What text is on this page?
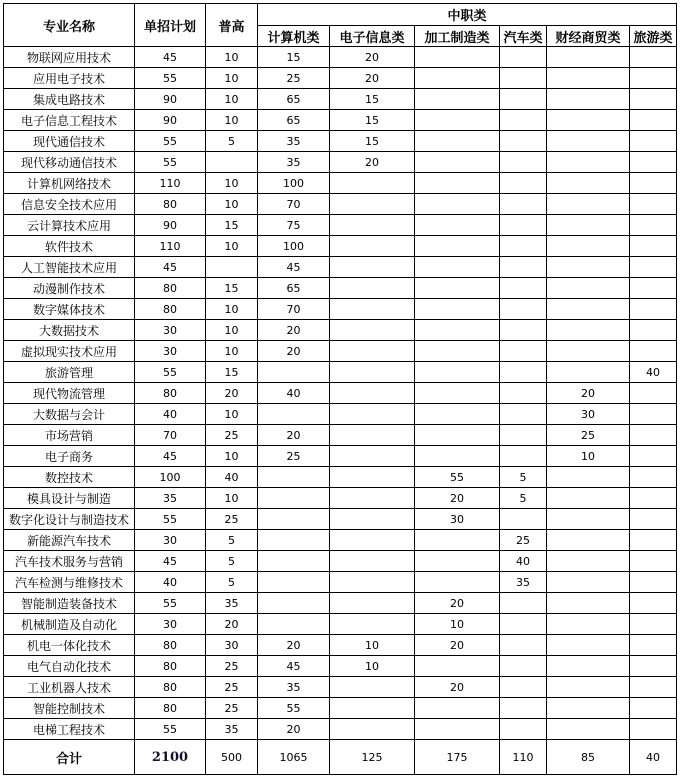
专业名称	单招计划	普高	中职类					
			计算机类	电子信息类	加工制造类	汽车类	财经商贸类	旅游类
物联网应用技术	45	10	15	20				
应用电子技术	55	10	25	20				
集成电路技术	90	10	65	15				
电子信息工程技术	90	10	65	15				
现代通信技术	55	5	35	15				
现代移动通信技术	55		35	20				
计算机网络技术	110	10	100					
信息安全技术应用	80	10	70					
云计算技术应用	90	15	75					
软件技术	110	10	100					
人工智能技术应用	45		45					
动漫制作技术	80	15	65					
数字媒体技术	80	10	70					
大数据技术	30	10	20					
虚拟现实技术应用	30	10	20					
旅游管理	55	15						40
现代物流管理	80	20	40				20	
大数据与会计	40	10					30	
市场营销	70	25	20				25	
电子商务	45	10	25				10	
数控技术	100	40			55	5		
模具设计与制造	35	10			20	5		
数字化设计与制造技术	55	25			30			
新能源汽车技术	30	5				25		
汽车技术服务与营销	45	5				40		
汽车检测与维修技术	40	5				35		
智能制造装备技术	55	35			20			
机械制造及自动化	30	20			10			
机电一体化技术	80	30	20	10	20			
电气自动化技术	80	25	45	10				
工业机器人技术	80	25	35		20			
智能控制技术	80	25	55					
电梯工程技术	55	35	20					
合计	2100	500	1065	125	175	110	85	40
